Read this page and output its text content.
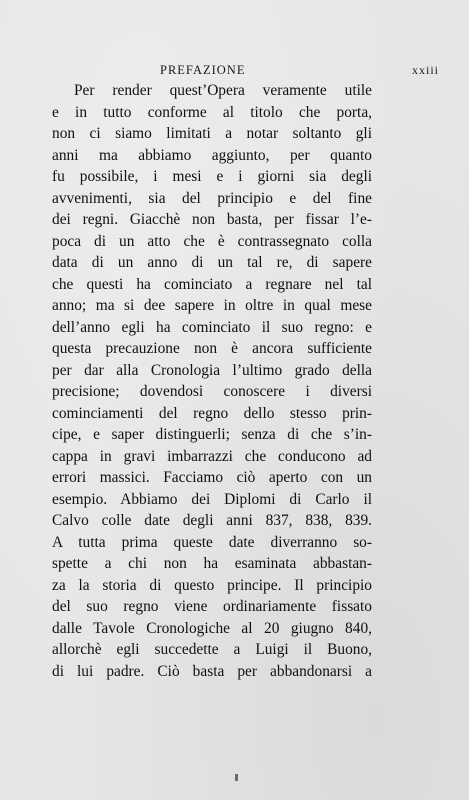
PREFAZIONE	xxiii
Per render quest’Opera veramente utile
e in tutto conforme al titolo che porta,
non ci siamo limitati a notar soltanto gli
anni ma abbiamo aggiunto, per quanto
fu possibile, i mesi e i giorni sia degli
avvenimenti, sia del principio e del fine
dei regni. Giacchè non basta, per fissar l’e-
poca di un atto che è contrassegnato colla
data di un anno di un tal re, di sapere
che questi ha cominciato a regnare nel tal
anno; ma si dee sapere in oltre in qual mese
dell’anno egli ha cominciato il suo regno: e
questa precauzione non è ancora sufficiente
per dar alla Cronologia l’ultimo grado della
precisione; dovendosi conoscere i diversi
cominciamenti del regno dello stesso prin-
cipe, e saper distinguerli; senza di che s’in-
cappa in gravi imbarrazzi che conducono ad
errori massici. Facciamo ciò aperto con un
esempio. Abbiamo dei Diplomi di Carlo il
Calvo colle date degli anni 837, 838, 839.
A tutta prima queste date diverranno so-
spette a chi non ha esaminata abbastan-
za la storia di questo principe. Il principio
del suo regno viene ordinariamente fissato
dalle Tavole Cronologiche al 20 giugno 840,
allorchè egli succedette a Luigi il Buono,
di lui padre. Ciò basta per abbandonarsi a
